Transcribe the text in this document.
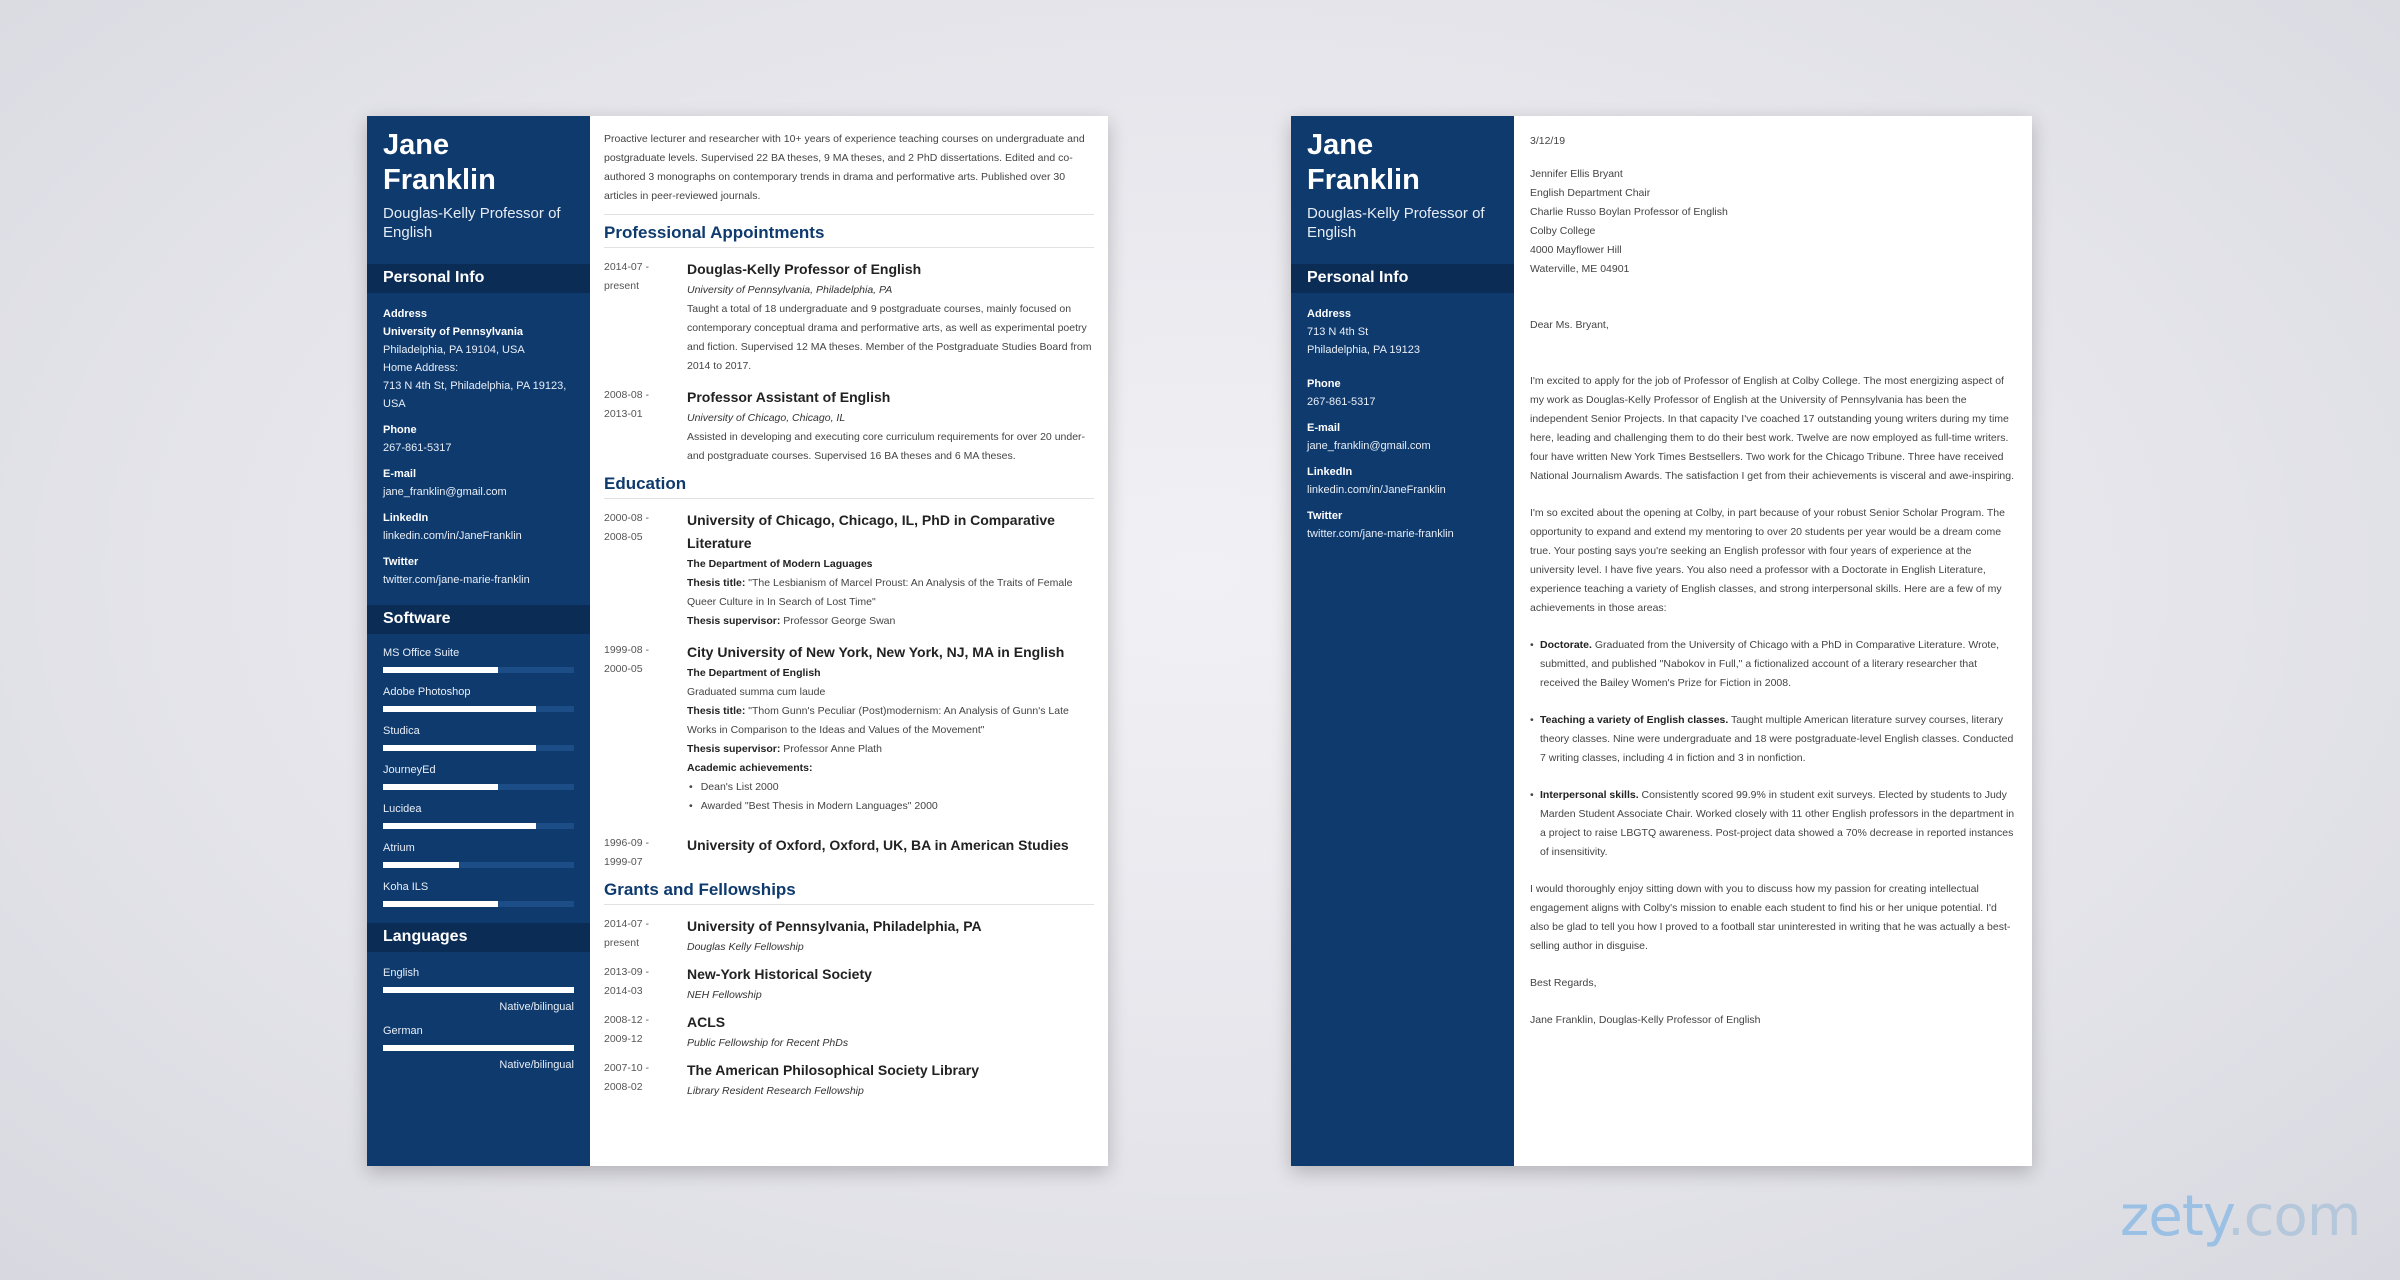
Jane
Franklin
Douglas-Kelly Professor of English
Personal Info
Address
University of Pennsylvania
Philadelphia, PA 19104, USA
Home Address:
713 N 4th St, Philadelphia, PA 19123,
USA
Phone
267-861-5317
E-mail
jane_franklin@gmail.com
LinkedIn
linkedin.com/in/JaneFranklin
Twitter
twitter.com/jane-marie-franklin
Software
MS Office Suite
Adobe Photoshop
Studica
JourneyEd
Lucidea
Atrium
Koha ILS
Languages
English
Native/bilingual
German
Native/bilingual
Proactive lecturer and researcher with 10+ years of experience teaching courses on undergraduate and postgraduate levels. Supervised 22 BA theses, 9 MA theses, and 2 PhD dissertations. Edited and co-authored 3 monographs on contemporary trends in drama and performative arts. Published over 30 articles in peer-reviewed journals.
Professional Appointments
2014-07 -
present
Douglas-Kelly Professor of English
University of Pennsylvania, Philadelphia, PA
Taught a total of 18 undergraduate and 9 postgraduate courses, mainly focused on contemporary conceptual drama and performative arts, as well as experimental poetry and fiction. Supervised 12 MA theses. Member of the Postgraduate Studies Board from 2014 to 2017.
2008-08 -
2013-01
Professor Assistant of English
University of Chicago, Chicago, IL
Assisted in developing and executing core curriculum requirements for over 20 under- and postgraduate courses. Supervised 16 BA theses and 6 MA theses.
Education
2000-08 -
2008-05
University of Chicago, Chicago, IL, PhD in Comparative Literature
The Department of Modern Laguages
Thesis title: "The Lesbianism of Marcel Proust: An Analysis of the Traits of Female Queer Culture in In Search of Lost Time"
Thesis supervisor: Professor George Swan
1999-08 -
2000-05
City University of New York, New York, NJ, MA in English
The Department of English
Graduated summa cum laude
Thesis title: "Thom Gunn's Peculiar (Post)modernism: An Analysis of Gunn's Late Works in Comparison to the Ideas and Values of the Movement"
Thesis supervisor: Professor Anne Plath
Academic achievements:
• Dean's List 2000
• Awarded "Best Thesis in Modern Languages" 2000
1996-09 -
1999-07
University of Oxford, Oxford, UK, BA in American Studies
Grants and Fellowships
2014-07 -
present
University of Pennsylvania, Philadelphia, PA
Douglas Kelly Fellowship
2013-09 -
2014-03
New-York Historical Society
NEH Fellowship
2008-12 -
2009-12
ACLS
Public Fellowship for Recent PhDs
2007-10 -
2008-02
The American Philosophical Society Library
Library Resident Research Fellowship
Jane
Franklin
Douglas-Kelly Professor of English
Personal Info
Address
713 N 4th St
Philadelphia, PA 19123
Phone
267-861-5317
E-mail
jane_franklin@gmail.com
LinkedIn
linkedin.com/in/JaneFranklin
Twitter
twitter.com/jane-marie-franklin
3/12/19
Jennifer Ellis Bryant
English Department Chair
Charlie Russo Boylan Professor of English
Colby College
4000 Mayflower Hill
Waterville, ME 04901
Dear Ms. Bryant,
I'm excited to apply for the job of Professor of English at Colby College. The most energizing aspect of my work as Douglas-Kelly Professor of English at the University of Pennsylvania has been the independent Senior Projects. In that capacity I've coached 17 outstanding young writers during my time here, leading and challenging them to do their best work. Twelve are now employed as full-time writers. four have written New York Times Bestsellers. Two work for the Chicago Tribune. Three have received National Journalism Awards. The satisfaction I get from their achievements is visceral and awe-inspiring.
I'm so excited about the opening at Colby, in part because of your robust Senior Scholar Program. The opportunity to expand and extend my mentoring to over 20 students per year would be a dream come true. Your posting says you're seeking an English professor with four years of experience at the university level. I have five years. You also need a professor with a Doctorate in English Literature, experience teaching a variety of English classes, and strong interpersonal skills. Here are a few of my achievements in those areas:
• Doctorate. Graduated from the University of Chicago with a PhD in Comparative Literature. Wrote, submitted, and published "Nabokov in Full," a fictionalized account of a literary researcher that received the Bailey Women's Prize for Fiction in 2008.
• Teaching a variety of English classes. Taught multiple American literature survey courses, literary theory classes. Nine were undergraduate and 18 were postgraduate-level English classes. Conducted 7 writing classes, including 4 in fiction and 3 in nonfiction.
• Interpersonal skills. Consistently scored 99.9% in student exit surveys. Elected by students to Judy Marden Student Associate Chair. Worked closely with 11 other English professors in the department in a project to raise LBGTQ awareness. Post-project data showed a 70% decrease in reported instances of insensitivity.
I would thoroughly enjoy sitting down with you to discuss how my passion for creating intellectual engagement aligns with Colby's mission to enable each student to find his or her unique potential. I'd also be glad to tell you how I proved to a football star uninterested in writing that he was actually a best-selling author in disguise.
Best Regards,
Jane Franklin, Douglas-Kelly Professor of English
zety.com
